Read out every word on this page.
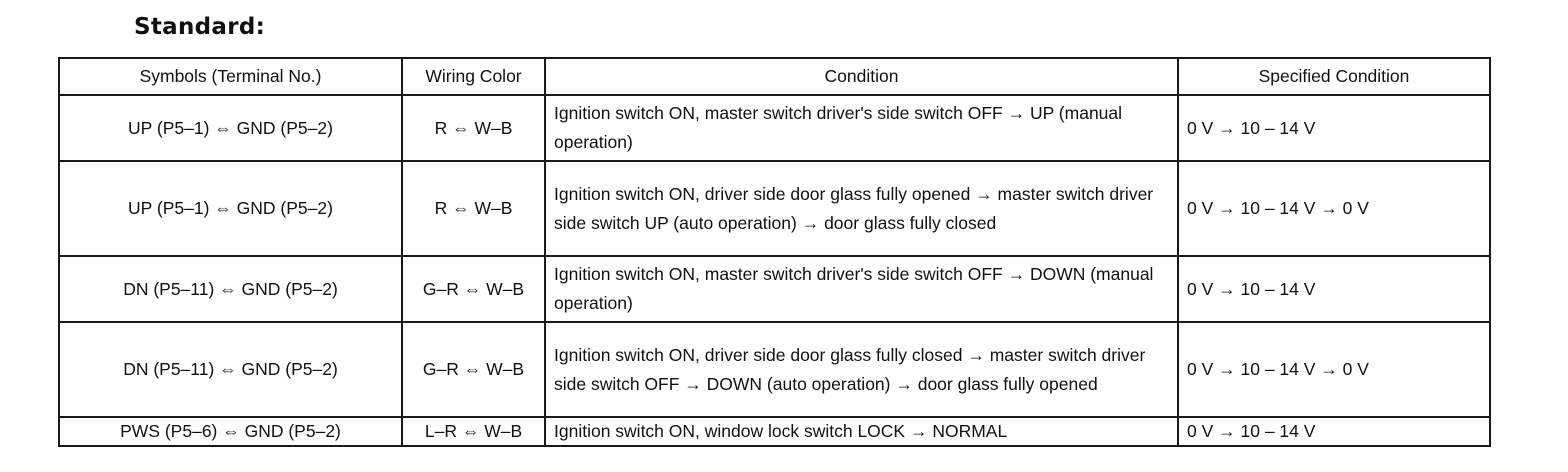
Standard:
Symbols (Terminal No.)	Wiring Color	Condition	Specified Condition
UP (P5–1) ⇔ GND (P5–2)	R ⇔ W–B	Ignition switch ON, master switch driver's side switch OFF → UP (manual operation)	0 V → 10 – 14 V
UP (P5–1) ⇔ GND (P5–2)	R ⇔ W–B	Ignition switch ON, driver side door glass fully opened → master switch driver side switch UP (auto operation) → door glass fully closed	0 V → 10 – 14 V → 0 V
DN (P5–11) ⇔ GND (P5–2)	G–R ⇔ W–B	Ignition switch ON, master switch driver's side switch OFF → DOWN (manual operation)	0 V → 10 – 14 V
DN (P5–11) ⇔ GND (P5–2)	G–R ⇔ W–B	Ignition switch ON, driver side door glass fully closed → master switch driver side switch OFF → DOWN (auto operation) → door glass fully opened	0 V → 10 – 14 V → 0 V
PWS (P5–6) ⇔ GND (P5–2)	L–R ⇔ W–B	Ignition switch ON, window lock switch LOCK → NORMAL	0 V → 10 – 14 V
